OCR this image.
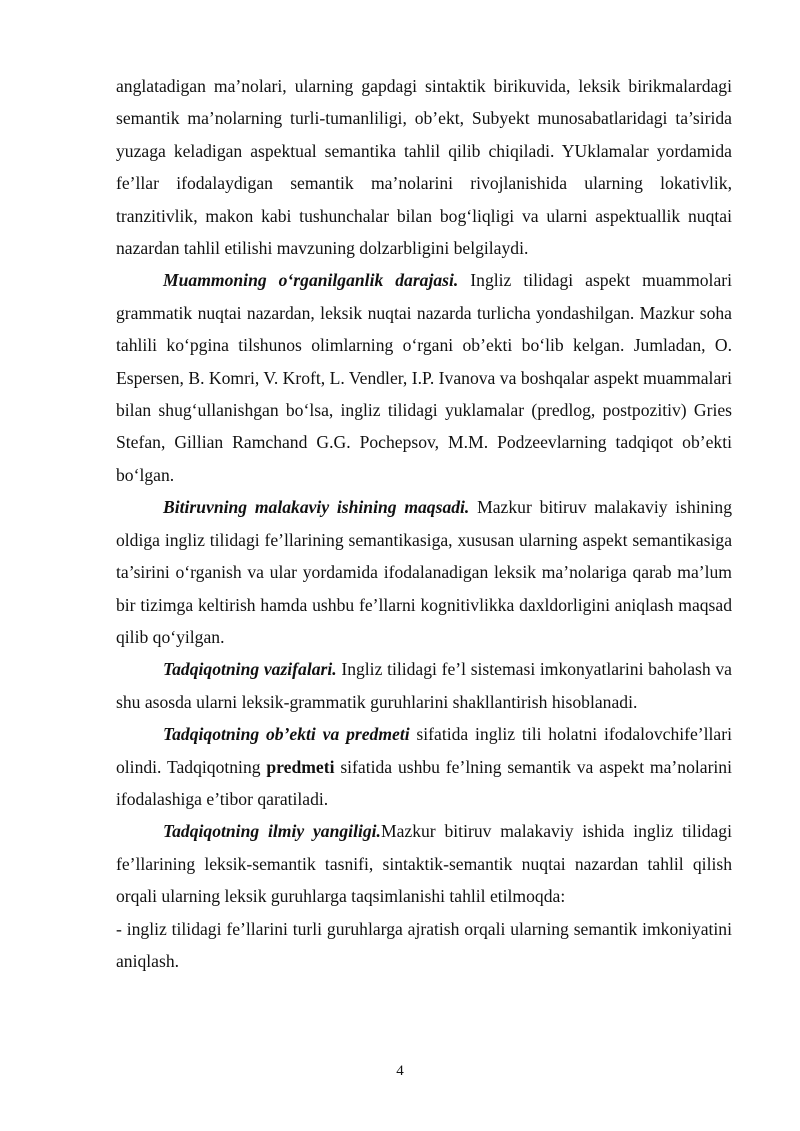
anglatadigan ma’nolari, ularning gapdagi sintaktik birikuvida, leksik birikmalardagi semantik ma’nolarning turli-tumanliligi, ob’ekt, Subyekt munosabatlaridagi ta’sirida yuzaga keladigan aspektual semantika tahlil qilib chiqiladi. YUklamalar yordamida fe’llar ifodalaydigan semantik ma’nolarini rivojlanishida ularning lokativlik, tranzitivlik, makon kabi tushunchalar bilan bog‘liqligi va ularni aspektuallik nuqtai nazardan tahlil etilishi mavzuning dolzarbligini belgilaydi.

Muammoning o‘rganilganlik darajasi. Ingliz tilidagi aspekt muammolari grammatik nuqtai nazardan, leksik nuqtai nazarda turlicha yondashilgan. Mazkur soha tahlili ko‘pgina tilshunos olimlarning o‘rgani ob’ekti bo‘lib kelgan. Jumladan, O. Espersen, B. Komri, V. Kroft, L. Vendler, I.P. Ivanova va boshqalar aspekt muammalari bilan shug‘ullanishgan bo‘lsa, ingliz tilidagi yuklamalar (predlog, postpozitiv) Gries Stefan, Gillian Ramchand G.G. Pochepsov, M.M. Podzeevlarning tadqiqot ob’ekti bo‘lgan.

Bitiruvning malakaviy ishining maqsadi. Mazkur bitiruv malakaviy ishining oldiga ingliz tilidagi fe’llarining semantikasiga, xususan ularning aspekt semantikasiga ta’sirini o‘rganish va ular yordamida ifodalanadigan leksik ma’nolariga qarab ma’lum bir tizimga keltirish hamda ushbu fe’llarni kognitivlikka daxldorligini aniqlash maqsad qilib qo‘yilgan.

Tadqiqotning vazifalari. Ingliz tilidagi fe’l sistemasi imkonyatlarini baholash va shu asosda ularni leksik-grammatik guruhlarini shakllantirish hisoblanadi.

Tadqiqotning ob’ekti va predmeti sifatida ingliz tili holatni ifodalovchife’llari olindi. Tadqiqotning predmeti sifatida ushbu fe’lning semantik va aspekt ma’nolarini ifodalashiga e’tibor qaratiladi.

Tadqiqotning ilmiy yangiligi.Mazkur bitiruv malakaviy ishida ingliz tilidagi fe’llarining leksik-semantik tasnifi, sintaktik-semantik nuqtai nazardan tahlil qilish orqali ularning leksik guruhlarga taqsimlanishi tahlil etilmoqda:

- ingliz tilidagi fe’llarini turli guruhlarga ajratish orqali ularning semantik imkoniyatini aniqlash.

4
